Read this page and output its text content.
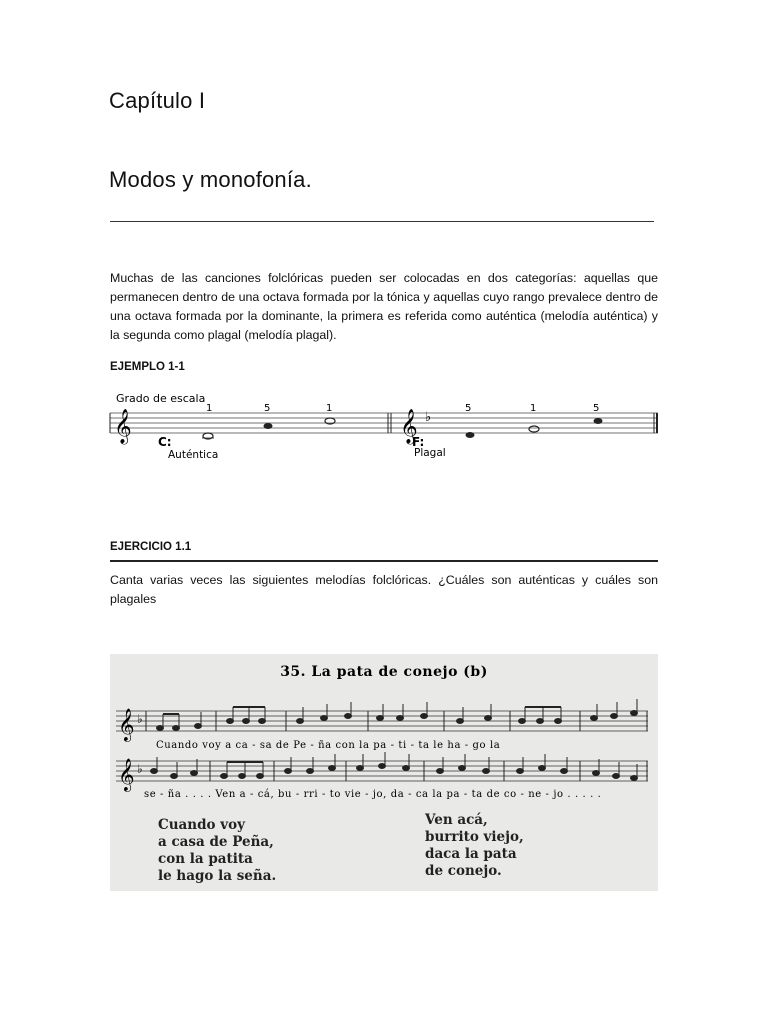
Capítulo I
Modos y monofonía.
Muchas de las canciones folclóricas pueden ser colocadas en dos categorías: aquellas que permanecen dentro de una octava formada por la tónica y aquellas cuyo rango prevalece dentro de una octava formada por la dominante, la primera es referida como auténtica (melodía auténtica) y la segunda como plagal (melodía plagal).
EJEMPLO 1-1
Grado de escala
𝄞	𝄞 ♭
1	5	1	5	1	5
C:
Auténtica
F:
Plagal
EJERCICIO 1.1
Canta varias veces las siguientes melodías folclóricas. ¿Cuáles son auténticas y cuáles son plagales
35. La pata de conejo (b)
𝄞 ♭
Cuando voy a ca - sa de Pe - ña con la pa - ti - ta le ha - go la
𝄞 ♭
se - ña . . . . Ven a - cá, bu - rri - to vie - jo, da - ca la pa - ta de co - ne - jo . . . . .
Cuando voy
a casa de Peña,
con la patita
le hago la seña.
Ven acá,
burrito viejo,
daca la pata
de conejo.
